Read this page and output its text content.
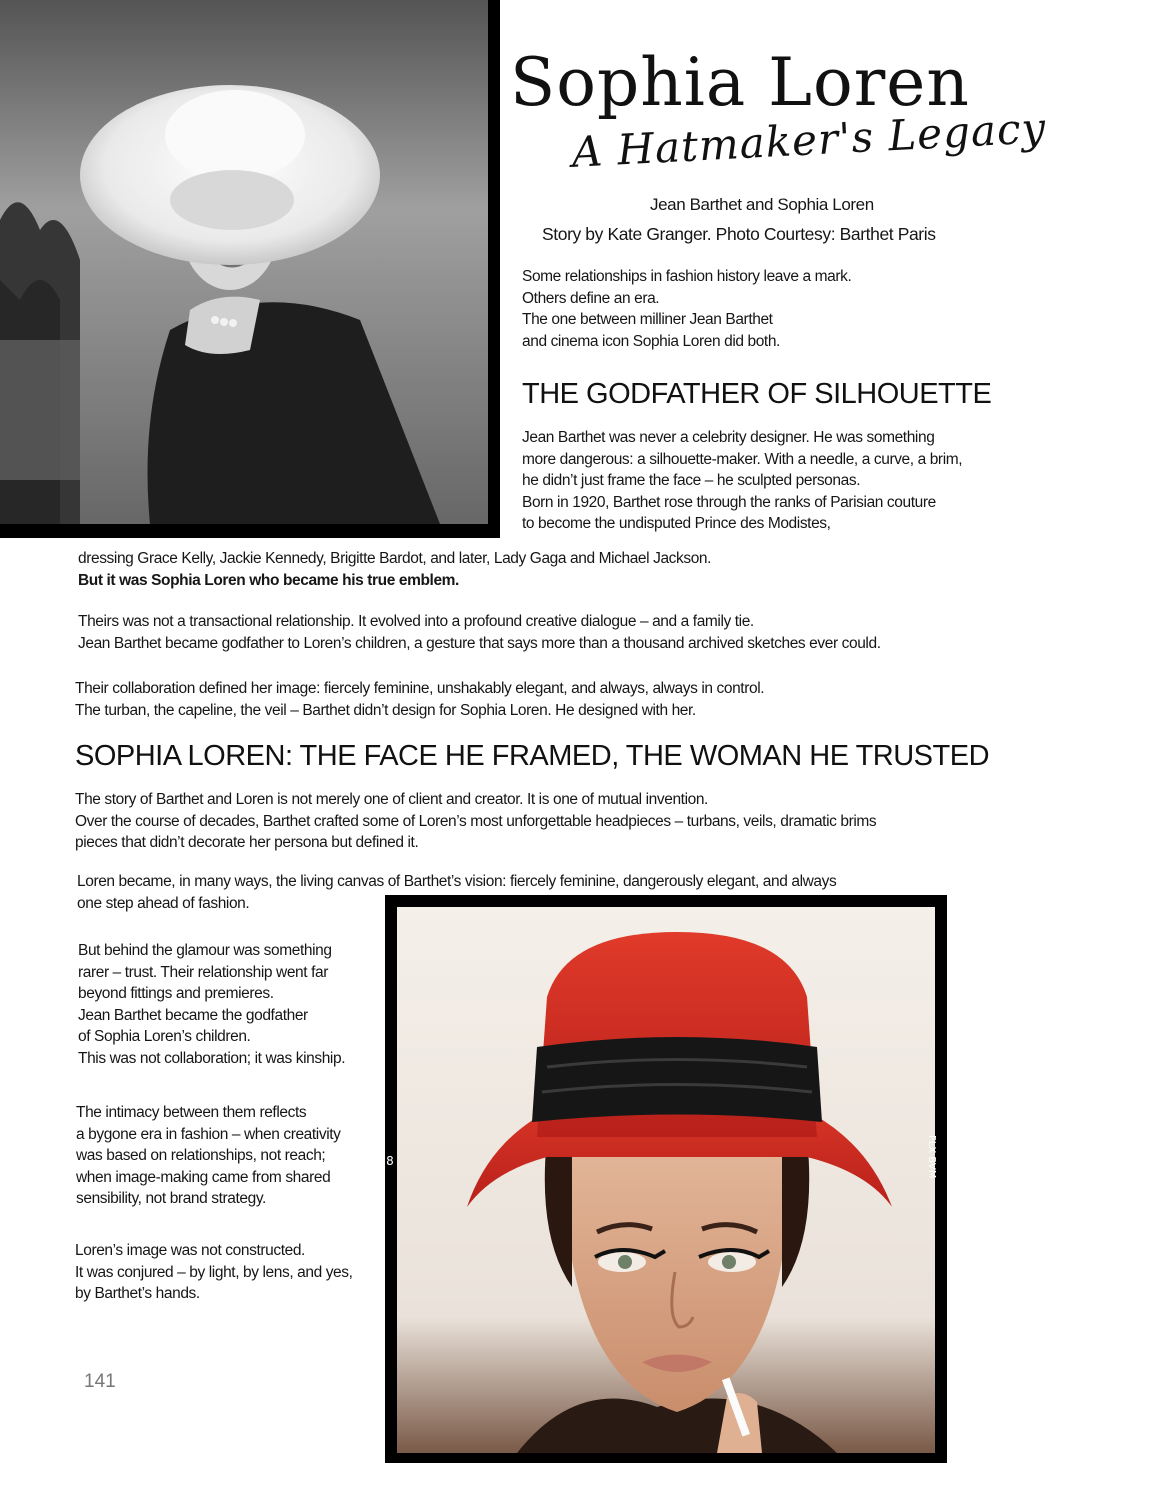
Sophia Loren
A Hatmaker's Legacy
Jean Barthet and Sophia Loren
Story by Kate Granger. Photo Courtesy: Barthet Paris

Some relationships in fashion history leave a mark.

Others define an era.

The one between milliner Jean Barthet

and cinema icon Sophia Loren did both.

THE GODFATHER OF SILHOUETTE

Jean Barthet was never a celebrity designer. He was something

more dangerous: a silhouette-maker. With a needle, a curve, a brim,

he didn’t just frame the face – he sculpted personas.

Born in 1920, Barthet rose through the ranks of Parisian couture

to become the undisputed Prince des Modistes,

dressing Grace Kelly, Jackie Kennedy, Brigitte Bardot, and later, Lady Gaga and Michael Jackson.

But it was Sophia Loren who became his true emblem.

Theirs was not a transactional relationship. It evolved into a profound creative dialogue – and a family tie.

Jean Barthet became godfather to Loren’s children, a gesture that says more than a thousand archived sketches ever could.

Their collaboration defined her image: fiercely feminine, unshakably elegant, and always, always in control.

The turban, the capeline, the veil – Barthet didn’t design for Sophia Loren. He designed with her.

SOPHIA LOREN: THE FACE HE FRAMED, THE WOMAN HE TRUSTED

The story of Barthet and Loren is not merely one of client and creator. It is one of mutual invention.

Over the course of decades, Barthet crafted some of Loren’s most unforgettable headpieces – turbans, veils, dramatic brims

pieces that didn’t decorate her persona but defined it.

Loren became, in many ways, the living canvas of Barthet’s vision: fiercely feminine, dangerously elegant, and always

one step ahead of fashion.

But behind the glamour was something

rarer – trust. Their relationship went far

beyond fittings and premieres.

Jean Barthet became the godfather

of Sophia Loren’s children.

This was not collaboration; it was kinship.

The intimacy between them reflects

a bygone era in fashion – when creativity

was based on relationships, not reach;

when image-making came from shared

sensibility, not brand strategy.

Loren’s image was not constructed.

It was conjured – by light, by lens, and yes,

by Barthet’s hands.

8	FLX BVM
141
